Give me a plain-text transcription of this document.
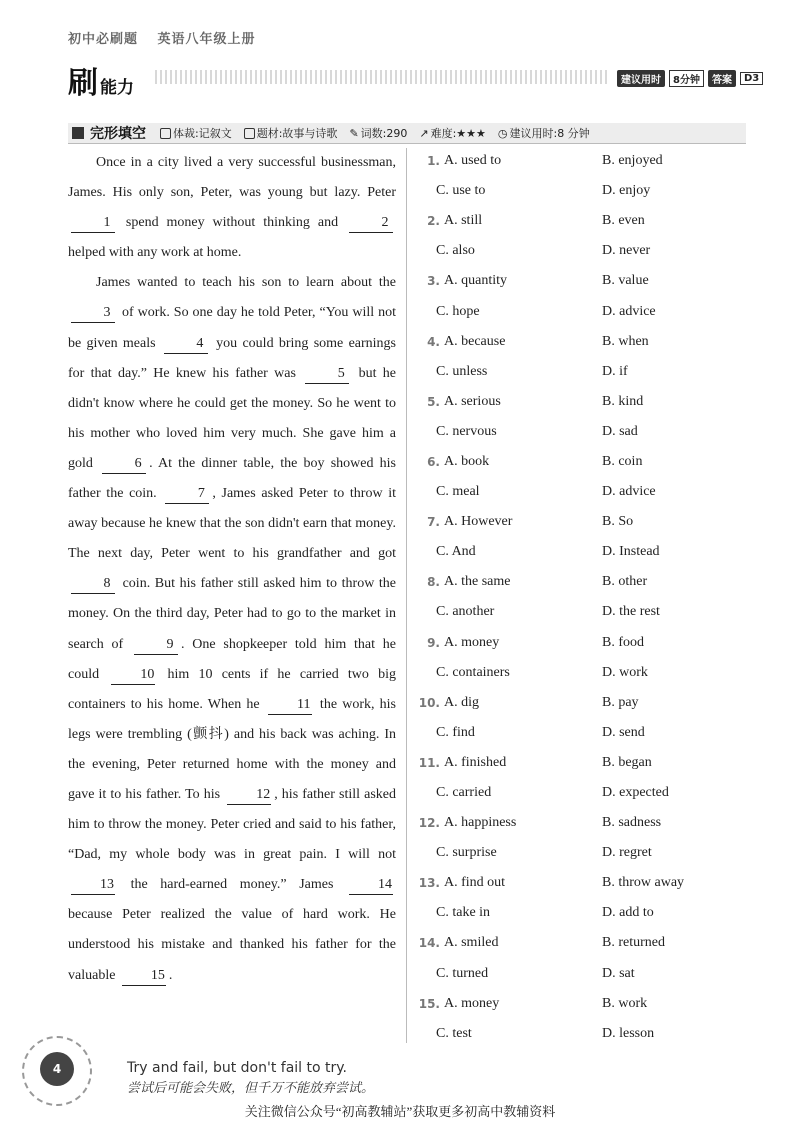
初中必刷题 英语八年级上册
刷能力	建议用时	8分钟	答案	D3
完形填空 体裁:记叙文 题材:故事与诗歌 ✎ 词数:290 ↗ 难度:★★★ ◷ 建议用时:8 分钟

Once in a city lived a very successful businessman, James. His only son, Peter, was young but lazy. Peter 1 spend money without thinking and	2 helped with any work at home.

James wanted to teach his son to learn about the 3 of work. So one day he told Peter, “You will not be given meals	4 you could bring some earnings for that day.” He knew his father was	5 but he didn't know where he could get the money. So he went to his mother who loved him very much. She gave him a gold	6 . At the dinner table, the boy showed his father the coin.	7 , James asked Peter to throw it away because he knew that the son didn't earn that money. The next day, Peter went to his grandfather and got 8 coin. But his father still asked him to throw the money. On the third day, Peter had to go to the market in search of	9 . One shopkeeper told him that he could 10 him 10 cents if he carried two big containers to his home. When he 11 the work, his legs were trembling (颤抖) and his back was aching. In the evening, Peter returned home with the money and gave it to his father. To his 12 , his father still asked him to throw the money. Peter cried and said to his father, “Dad, my whole body was in great pain. I will not 13 the hard-earned money.” James 14 because Peter realized the value of hard work. He understood his mistake and thanked his father for the valuable 15 .

1. A. used to	B. enjoyed
C. use to	D. enjoy
2. A. still	B. even
C. also	D. never
3. A. quantity	B. value
C. hope	D. advice
4. A. because	B. when
C. unless	D. if
5. A. serious	B. kind
C. nervous	D. sad
6. A. book	B. coin
C. meal	D. advice
7. A. However	B. So
C. And	D. Instead
8. A. the same	B. other
C. another	D. the rest
9. A. money	B. food
C. containers	D. work
10. A. dig	B. pay
C. find	D. send
11. A. finished	B. began
C. carried	D. expected
12. A. happiness	B. sadness
C. surprise	D. regret
13. A. find out	B. throw away
C. take in	D. add to
14. A. smiled	B. returned
C. turned	D. sat
15. A. money	B. work
C. test	D. lesson
4	Try and fail, but don't fail to try.
尝试后可能会失败，但千万不能放弃尝试。
关注微信公众号“初高教辅站”获取更多初高中教辅资料
